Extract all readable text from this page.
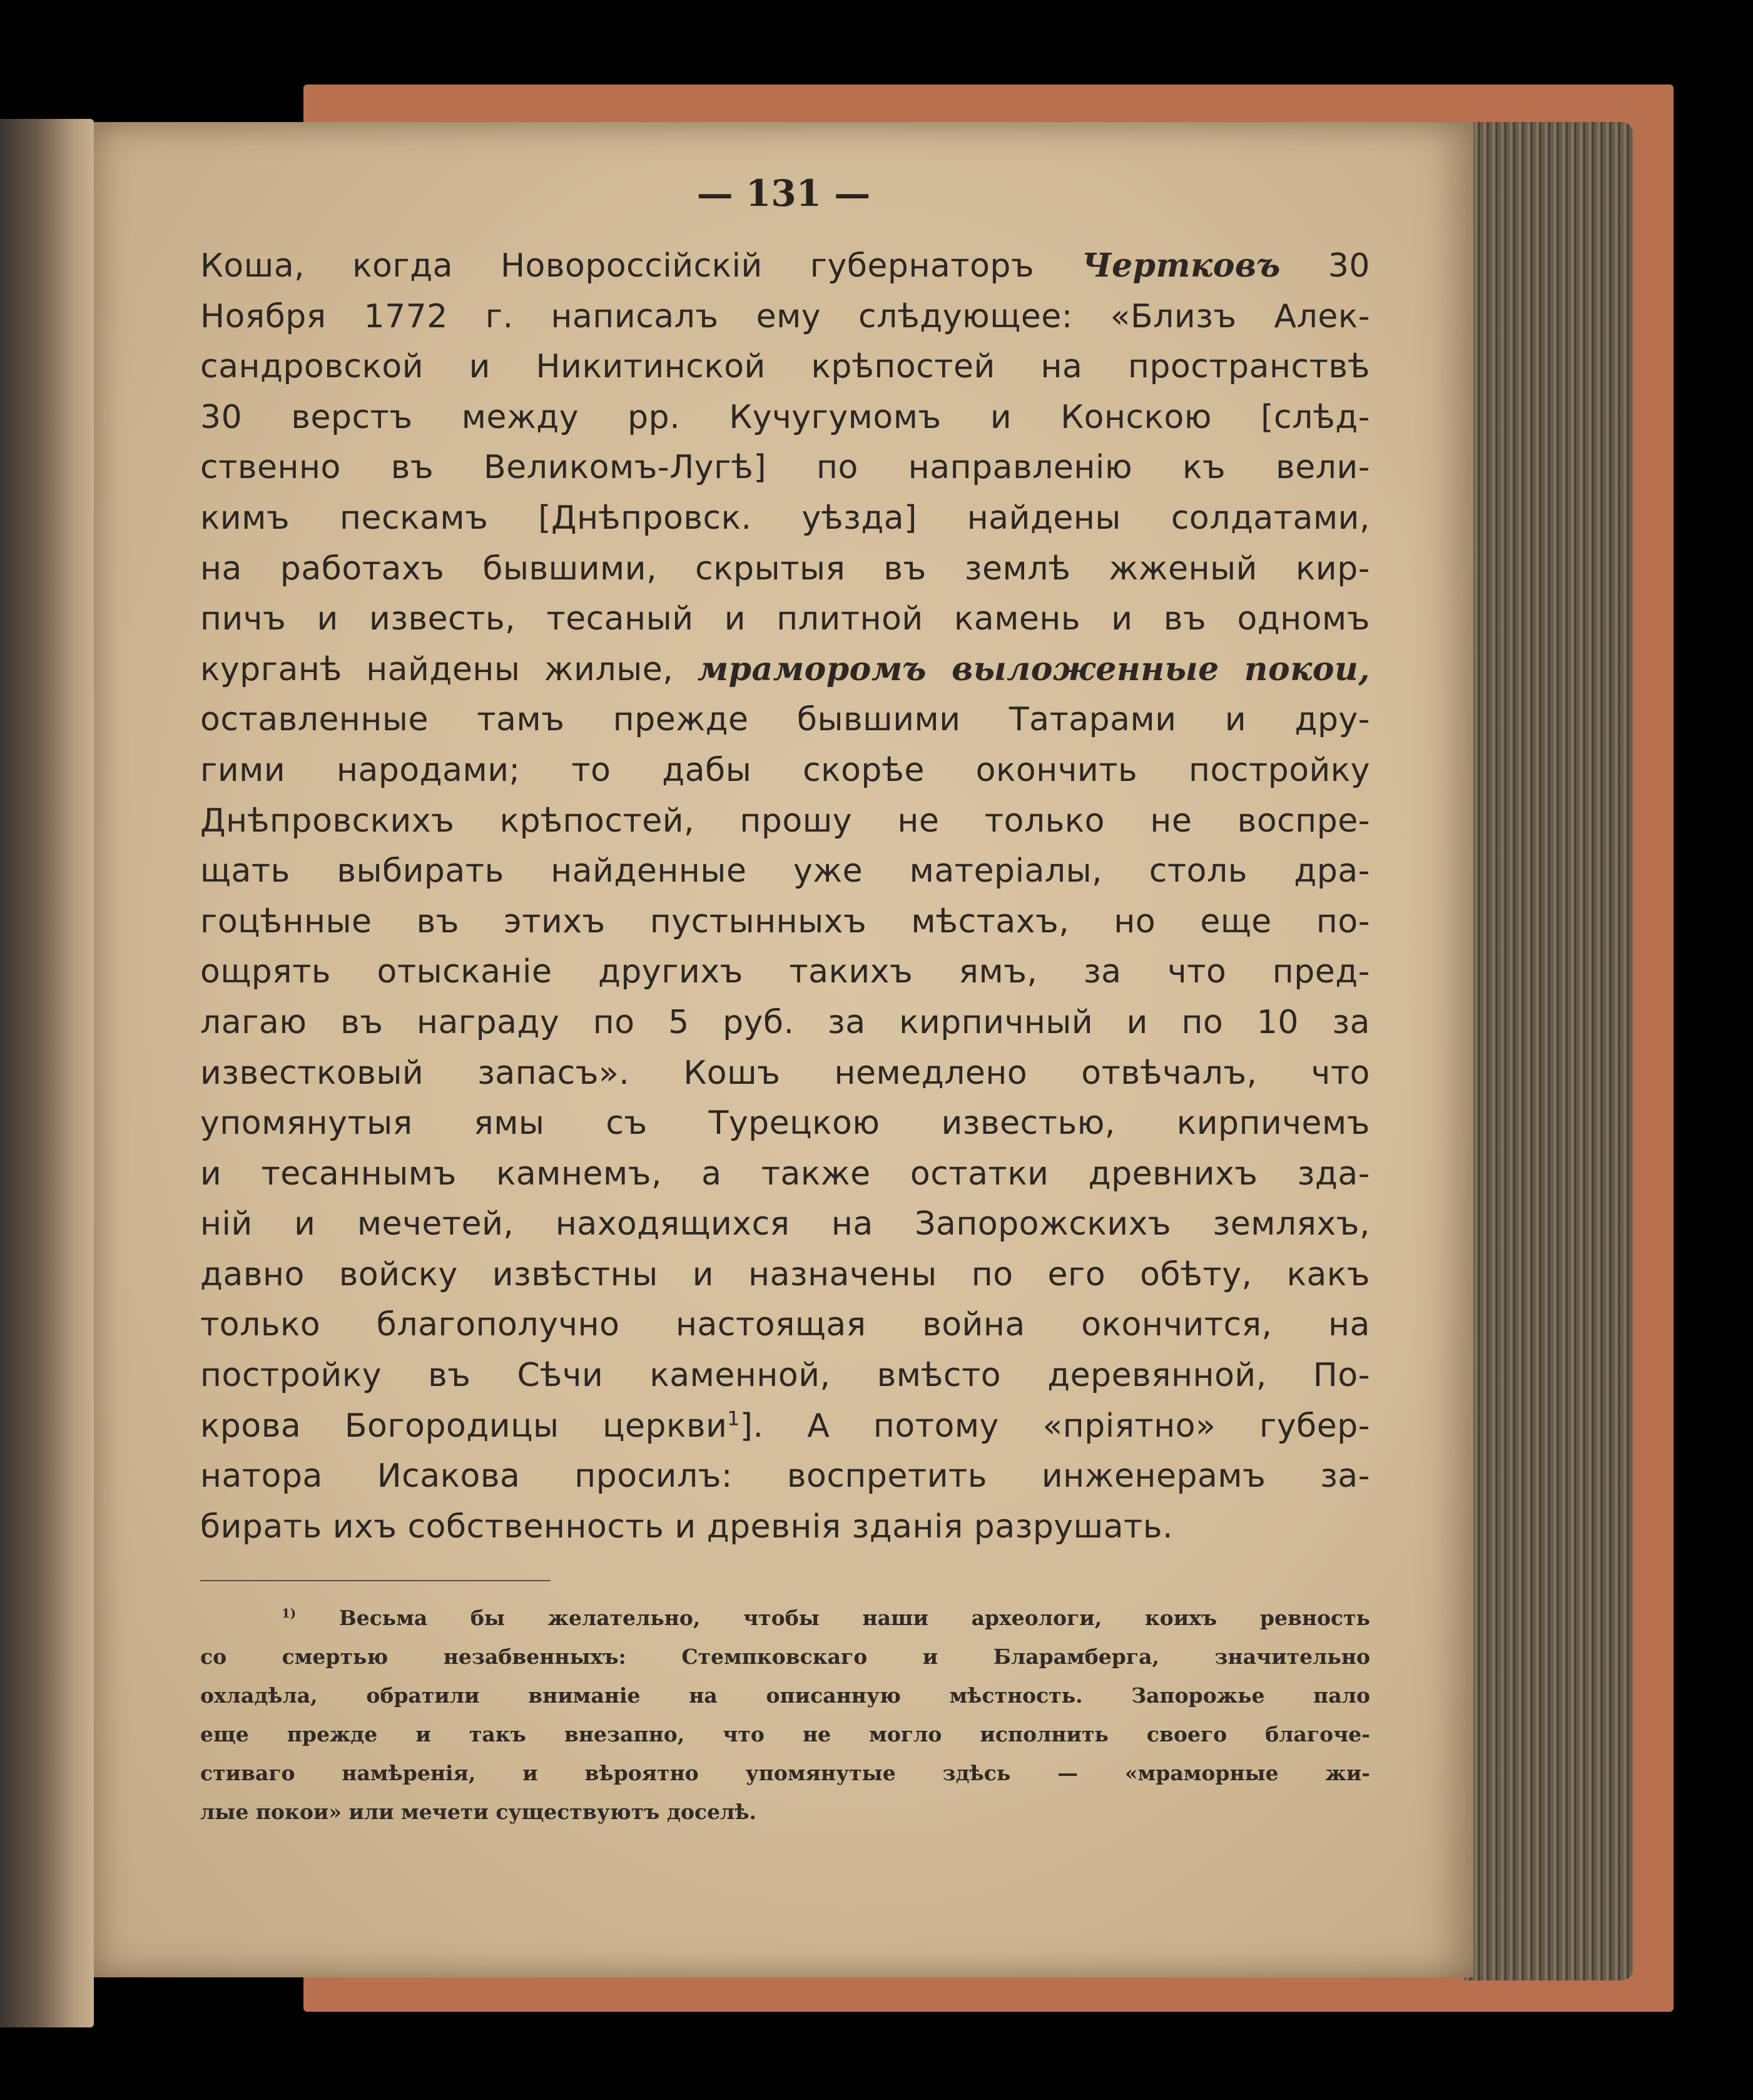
— 131 —
Коша, когда Новороссійскій губернаторъ Чертковъ 30
Ноября 1772 г. написалъ ему слѣдующее: «Близъ Алек-
сандровской и Никитинской крѣпостей на пространствѣ
30 верстъ между рр. Кучугумомъ и Конскою [слѣд-
ственно въ Великомъ-Лугѣ] по направленію къ вели-
кимъ пескамъ [Днѣпровск. уѣзда] найдены солдатами,
на работахъ бывшими, скрытыя въ землѣ жженый кир-
пичъ и известь, тесаный и плитной камень и въ одномъ
курганѣ найдены жилые, мраморомъ выложенные покои,
оставленные тамъ прежде бывшими Татарами и дру-
гими народами; то дабы скорѣе окончить постройку
Днѣпровскихъ крѣпостей, прошу не только не воспре-
щать выбирать найденные уже матеріалы, столь дра-
гоцѣнные въ этихъ пустынныхъ мѣстахъ, но еще по-
ощрять отысканіе другихъ такихъ ямъ, за что пред-
лагаю въ награду по 5 руб. за кирпичный и по 10 за
известковый запасъ». Кошъ немедлено отвѣчалъ, что
упомянутыя ямы съ Турецкою известью, кирпичемъ
и тесаннымъ камнемъ, а также остатки древнихъ зда-
ній и мечетей, находящихся на Запорожскихъ земляхъ,
давно войску извѣстны и назначены по его обѣту, какъ
только благополучно настоящая война окончится, на
постройку въ Сѣчи каменной, вмѣсто деревянной, По-
крова Богородицы церкви$^1$]. А потому «пріятно» губер-
натора Исакова просилъ: воспретить инженерамъ за-
бирать ихъ собственность и древнія зданія разрушать.
$^{1)}$ Весьма бы желательно, чтобы наши археологи, коихъ ревность
со смертью незабвенныхъ: Стемпковскаго и Бларамберга, значительно
охладѣла, обратили вниманіе на описанную мѣстность. Запорожье пало
еще прежде и такъ внезапно, что не могло исполнить своего благоче-
стиваго намѣренія, и вѣроятно упомянутые здѣсь — «мраморные жи-
лые покои» или мечети существуютъ доселѣ.
